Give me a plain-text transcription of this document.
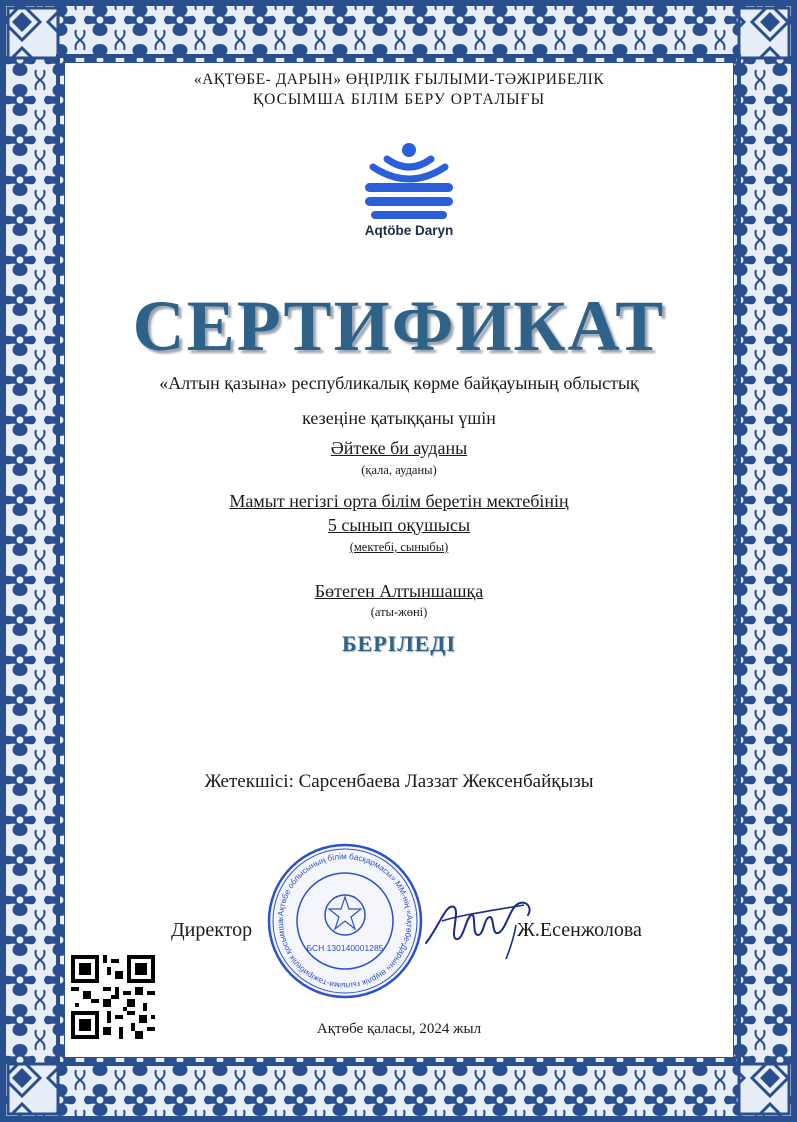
«АҚТӨБЕ- ДАРЫН» ӨҢІРЛІК ҒЫЛЫМИ-ТӘЖІРИБЕЛІК
ҚОСЫМША БІЛІМ БЕРУ ОРТАЛЫҒЫ
Aqtöbe Daryn
СЕРТИФИКАТ
«Алтын қазына» республикалық көрме байқауының облыстық
кезеңіне қатыққаны үшін
Әйтеке би ауданы
(қала, ауданы)
Мамыт негізгі орта білім беретін мектебінің
5 сынып оқушысы
(мектебі, сыныбы)
Бөтеген Алтыншашқа
(аты-жөні)
БЕРІЛЕДІ
Жетекшісі: Сарсенбаева Лаззат Жексенбайқызы
Директор
«Ақтөбе облысының білім басқармасы» ММ-нің «Ақтөбе-Дарын» өңірлік ғылыми-тәжірибелік қосымша
БСН 130140001285
Ж.Есенжолова
Ақтөбе қаласы, 2024 жыл
